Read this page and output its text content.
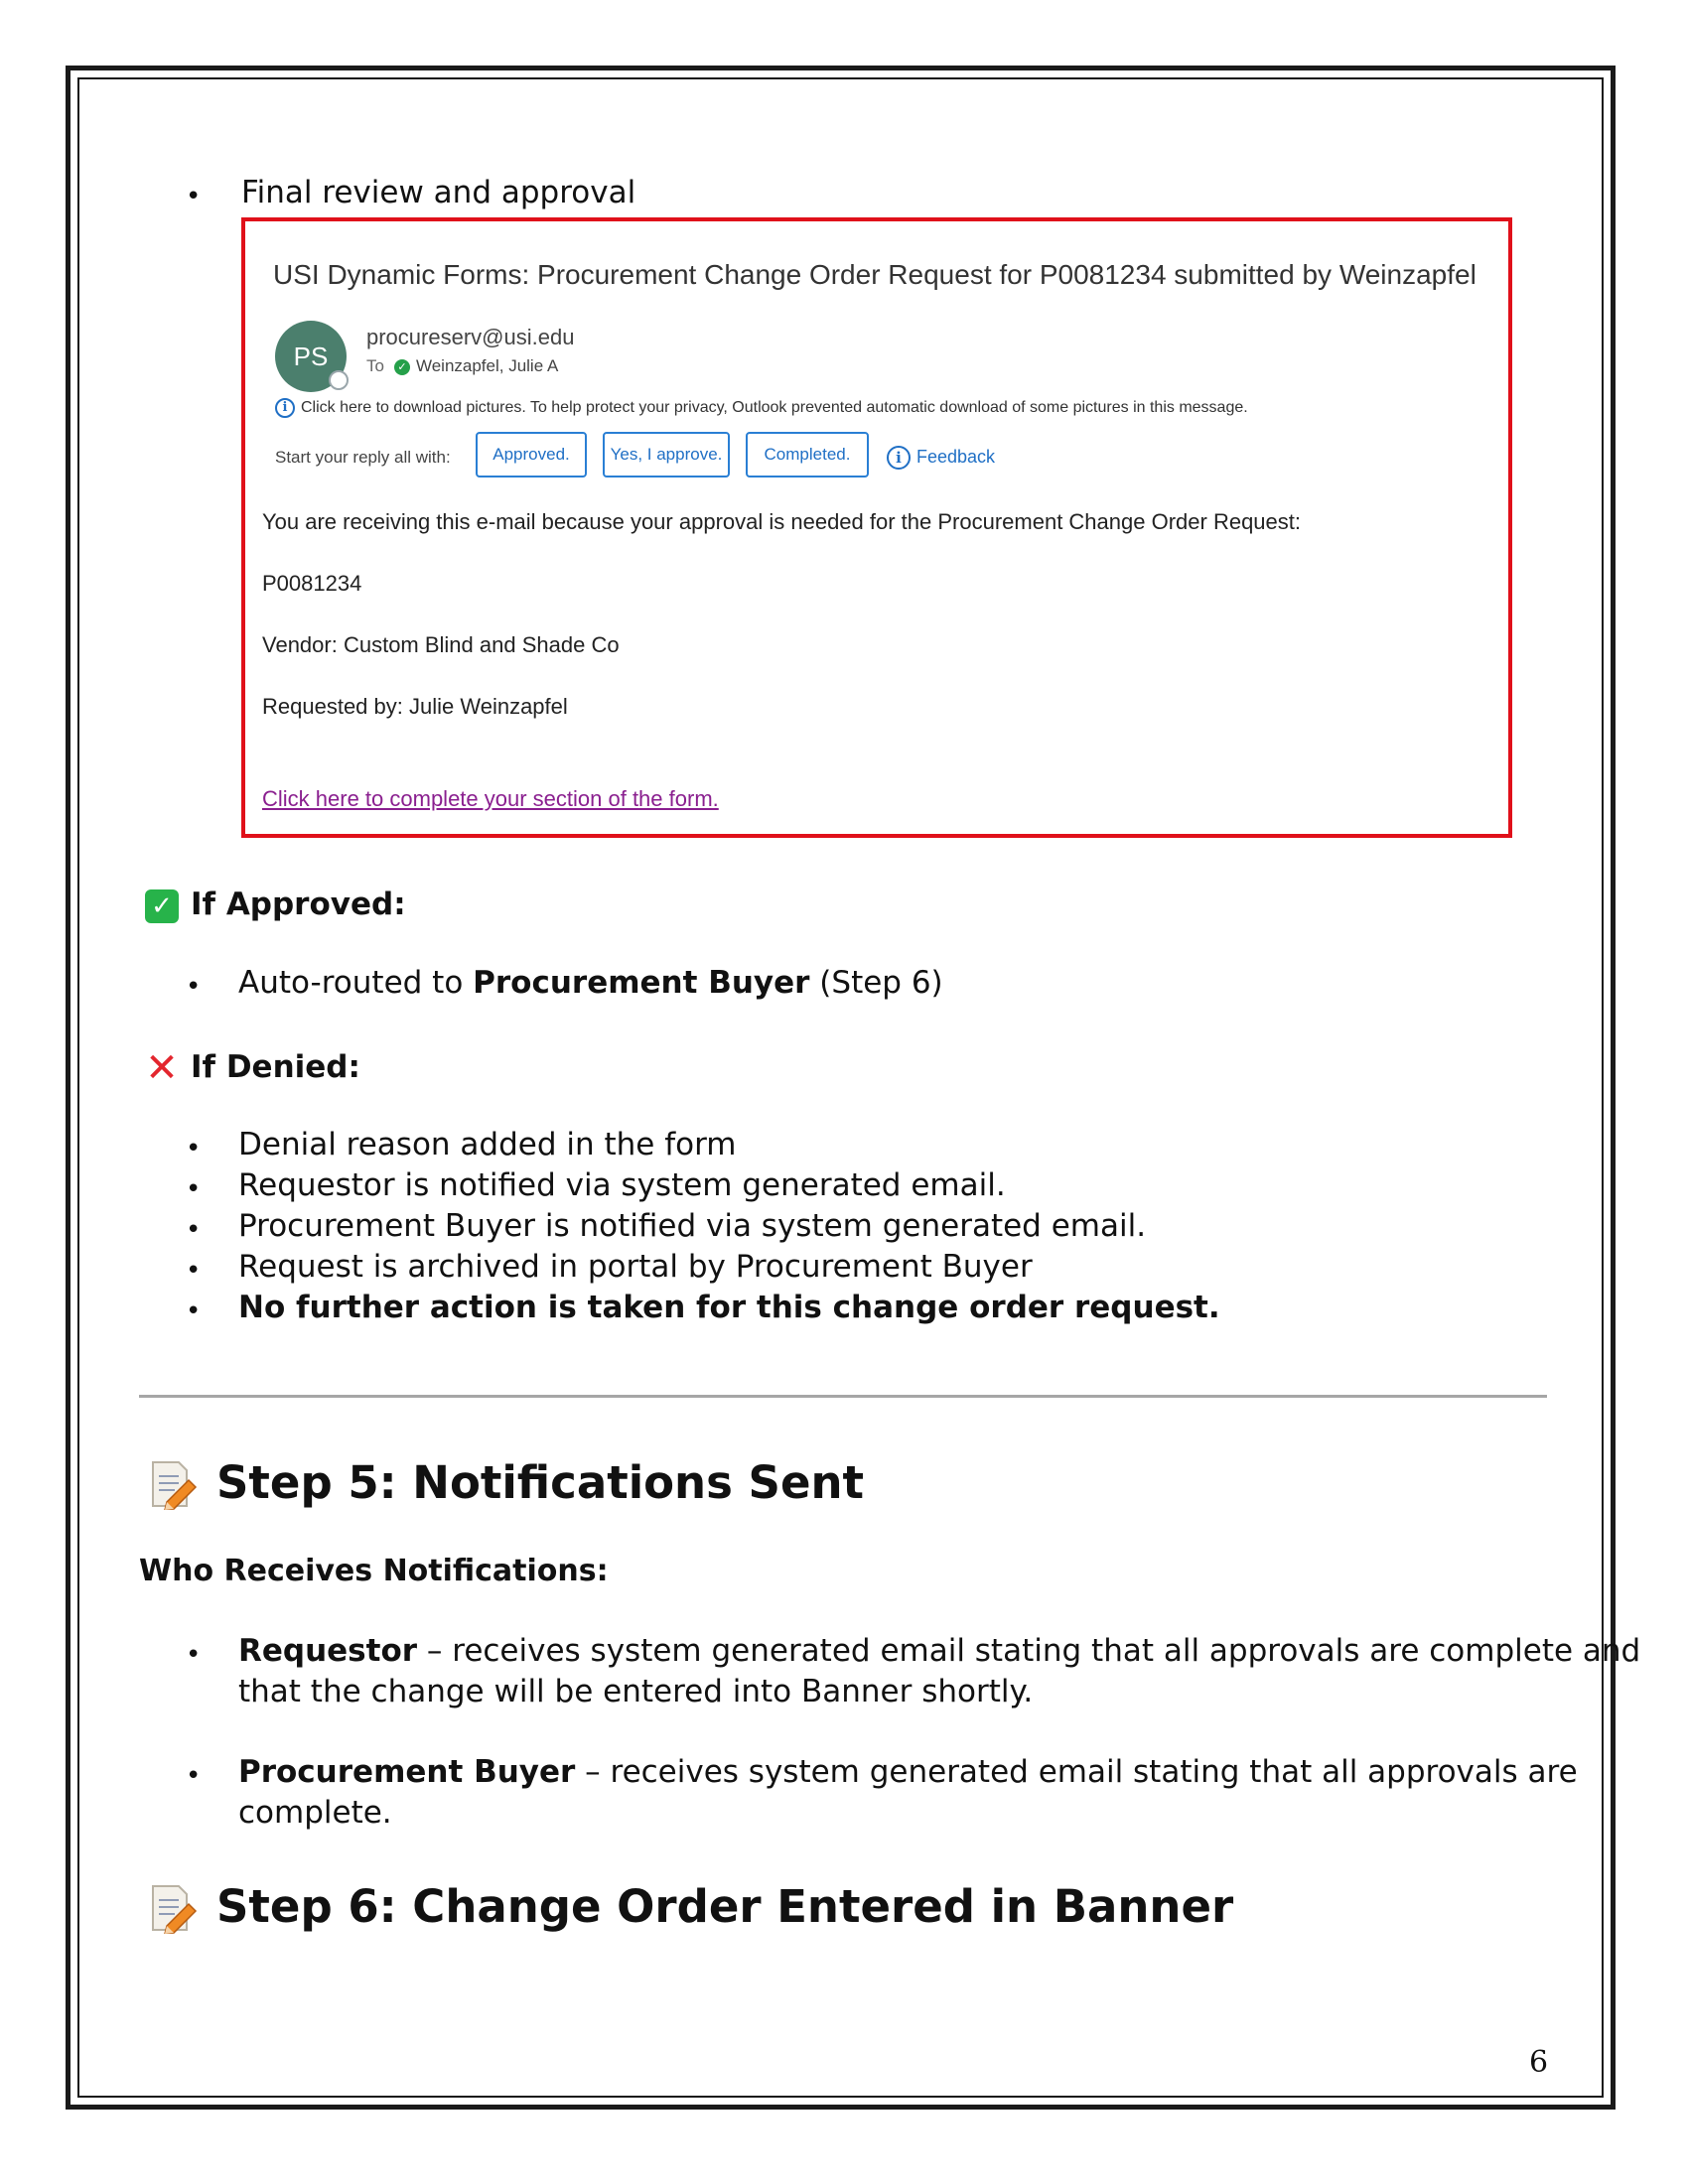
• Final review and approval
USI Dynamic Forms: Procurement Change Order Request for P0081234 submitted by Weinzapfel
PS
procureserv@usi.edu
To ✓ Weinzapfel, Julie A
i Click here to download pictures. To help protect your privacy, Outlook prevented automatic download of some pictures in this message.
Start your reply all with:	Approved.	Yes, I approve.	Completed.	i Feedback
You are receiving this e-mail because your approval is needed for the Procurement Change Order Request:
P0081234
Vendor: Custom Blind and Shade Co
Requested by: Julie Weinzapfel
Click here to complete your section of the form.
✓ If Approved:
• Auto-routed to Procurement Buyer (Step 6)
✕ If Denied:
• Denial reason added in the form
• Requestor is notified via system generated email.
• Procurement Buyer is notified via system generated email.
• Request is archived in portal by Procurement Buyer
• No further action is taken for this change order request.
Step 5: Notifications Sent
Who Receives Notifications:
• Requestor – receives system generated email stating that all approvals are complete and
that the change will be entered into Banner shortly.
• Procurement Buyer – receives system generated email stating that all approvals are
complete.
Step 6: Change Order Entered in Banner
6
